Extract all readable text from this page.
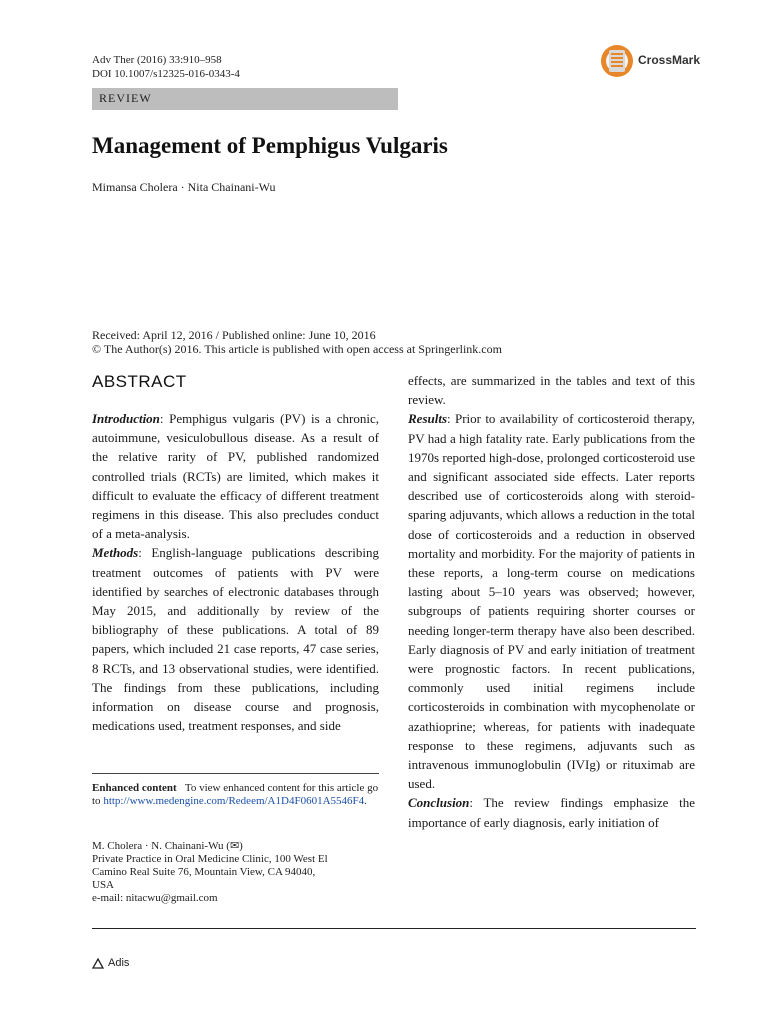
Adv Ther (2016) 33:910–958
DOI 10.1007/s12325-016-0343-4
CrossMark
REVIEW
Management of Pemphigus Vulgaris
Mimansa Cholera · Nita Chainani-Wu
Received: April 12, 2016 / Published online: June 10, 2016
© The Author(s) 2016. This article is published with open access at Springerlink.com
ABSTRACT

Introduction: Pemphigus vulgaris (PV) is a chronic, autoimmune, vesiculobullous disease. As a result of the relative rarity of PV, published randomized controlled trials (RCTs) are limited, which makes it difficult to evaluate the efficacy of different treatment regimens in this disease. This also precludes conduct of a meta-analysis.

Methods: English-language publications describing treatment outcomes of patients with PV were identified by searches of electronic databases through May 2015, and additionally by review of the bibliography of these publications. A total of 89 papers, which included 21 case reports, 47 case series, 8 RCTs, and 13 observational studies, were identified. The findings from these publications, including information on disease course and prognosis, medications used, treatment responses, and side

effects, are summarized in the tables and text of this review.

Results: Prior to availability of corticosteroid therapy, PV had a high fatality rate. Early publications from the 1970s reported high-dose, prolonged corticosteroid use and significant associated side effects. Later reports described use of corticosteroids along with steroid-sparing adjuvants, which allows a reduction in the total dose of corticosteroids and a reduction in observed mortality and morbidity. For the majority of patients in these reports, a long-term course on medications lasting about 5–10 years was observed; however, subgroups of patients requiring shorter courses or needing longer-term therapy have also been described. Early diagnosis of PV and early initiation of treatment were prognostic factors. In recent publications, commonly used initial regimens include corticosteroids in combination with mycophenolate or azathioprine; whereas, for patients with inadequate response to these regimens, adjuvants such as intravenous immunoglobulin (IVIg) or rituximab are used.

Conclusion: The review findings emphasize the importance of early diagnosis, early initiation of

Enhanced content To view enhanced content for this article go to http://www.medengine.com/Redeem/A1D4F0601A5546F4.
M. Cholera · N. Chainani-Wu (✉)
Private Practice in Oral Medicine Clinic, 100 West El
Camino Real Suite 76, Mountain View, CA 94040,
USA
e-mail: nitacwu@gmail.com
Adis
